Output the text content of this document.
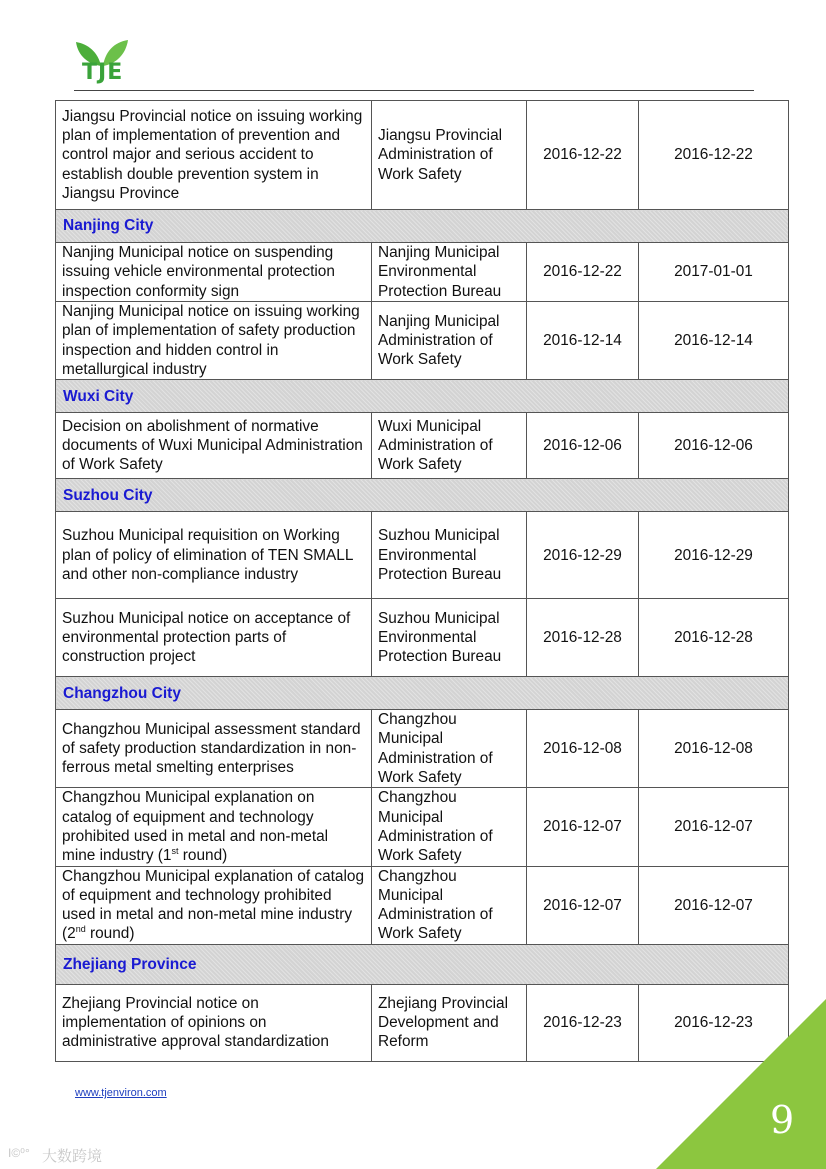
TJE
Jiangsu Provincial notice on issuing working plan of implementation of prevention and control major and serious accident to establish double prevention system in Jiangsu Province	Jiangsu Provincial Administration of Work Safety	2016-12-22	2016-12-22
Nanjing City			
Nanjing Municipal notice on suspending issuing vehicle environmental protection inspection conformity sign	Nanjing Municipal Environmental Protection Bureau	2016-12-22	2017-01-01
Nanjing Municipal notice on issuing working plan of implementation of safety production inspection and hidden control in metallurgical industry	Nanjing Municipal Administration of Work Safety	2016-12-14	2016-12-14
Wuxi City			
Decision on abolishment of normative documents of Wuxi Municipal Administration of Work Safety	Wuxi Municipal Administration of Work Safety	2016-12-06	2016-12-06
Suzhou City			
Suzhou Municipal requisition on Working plan of policy of elimination of TEN SMALL and other non-compliance industry	Suzhou Municipal Environmental Protection Bureau	2016-12-29	2016-12-29
Suzhou Municipal notice on acceptance of environmental protection parts of construction project	Suzhou Municipal Environmental Protection Bureau	2016-12-28	2016-12-28
Changzhou City			
Changzhou Municipal assessment standard of safety production standardization in non-ferrous metal smelting enterprises	Changzhou Municipal Administration of Work Safety	2016-12-08	2016-12-08
Changzhou Municipal explanation on catalog of equipment and technology prohibited used in metal and non-metal mine industry (1st round)	Changzhou Municipal Administration of Work Safety	2016-12-07	2016-12-07
Changzhou Municipal explanation of catalog of equipment and technology prohibited used in metal and non-metal mine industry (2nd round)	Changzhou Municipal Administration of Work Safety	2016-12-07	2016-12-07
Zhejiang Province			
Zhejiang Provincial notice on implementation of opinions on administrative approval standardization	Zhejiang Provincial Development and Reform	2016-12-23	2016-12-23
www.tjenviron.com
9
I©⁰° 大数跨境
